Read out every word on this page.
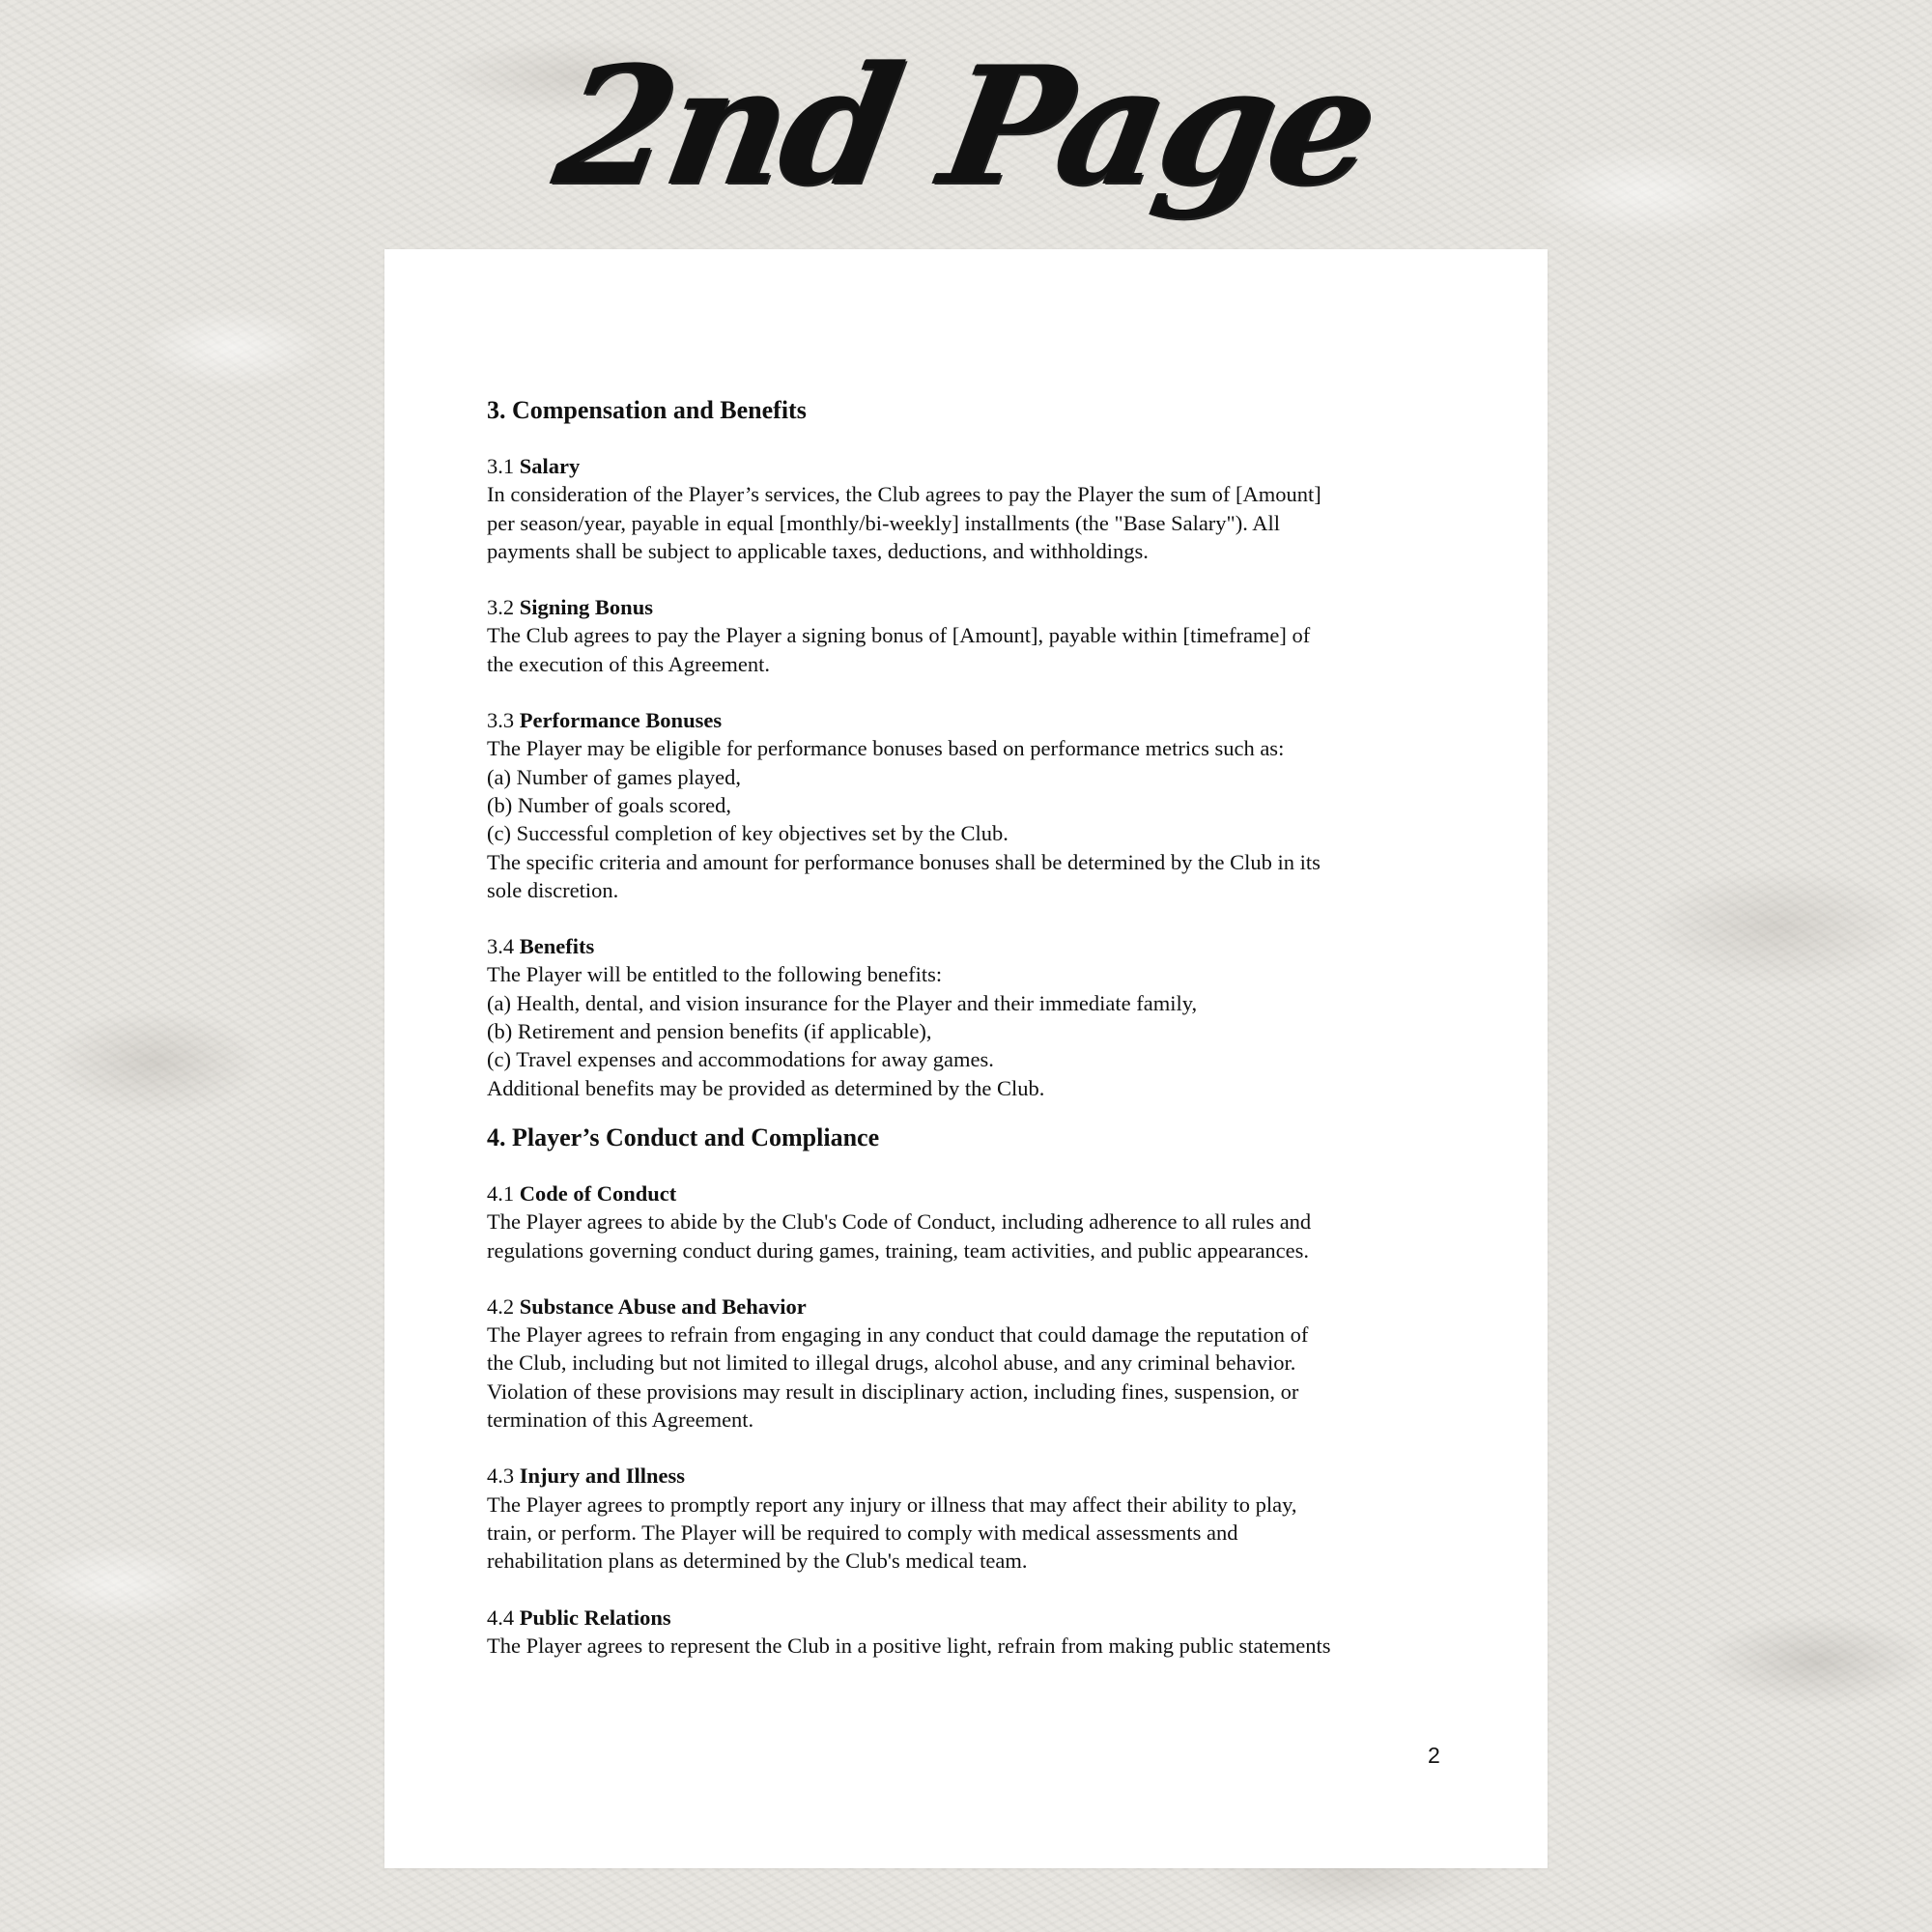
2nd Page
3. Compensation and Benefits
3.1 Salary
In consideration of the Player’s services, the Club agrees to pay the Player the sum of [Amount]
per season/year, payable in equal [monthly/bi-weekly] installments (the "Base Salary"). All
payments shall be subject to applicable taxes, deductions, and withholdings.
3.2 Signing Bonus
The Club agrees to pay the Player a signing bonus of [Amount], payable within [timeframe] of
the execution of this Agreement.
3.3 Performance Bonuses
The Player may be eligible for performance bonuses based on performance metrics such as:
(a) Number of games played,
(b) Number of goals scored,
(c) Successful completion of key objectives set by the Club.
The specific criteria and amount for performance bonuses shall be determined by the Club in its
sole discretion.
3.4 Benefits
The Player will be entitled to the following benefits:
(a) Health, dental, and vision insurance for the Player and their immediate family,
(b) Retirement and pension benefits (if applicable),
(c) Travel expenses and accommodations for away games.
Additional benefits may be provided as determined by the Club.
4. Player’s Conduct and Compliance
4.1 Code of Conduct
The Player agrees to abide by the Club's Code of Conduct, including adherence to all rules and
regulations governing conduct during games, training, team activities, and public appearances.
4.2 Substance Abuse and Behavior
The Player agrees to refrain from engaging in any conduct that could damage the reputation of
the Club, including but not limited to illegal drugs, alcohol abuse, and any criminal behavior.
Violation of these provisions may result in disciplinary action, including fines, suspension, or
termination of this Agreement.
4.3 Injury and Illness
The Player agrees to promptly report any injury or illness that may affect their ability to play,
train, or perform. The Player will be required to comply with medical assessments and
rehabilitation plans as determined by the Club's medical team.
4.4 Public Relations
The Player agrees to represent the Club in a positive light, refrain from making public statements
2
